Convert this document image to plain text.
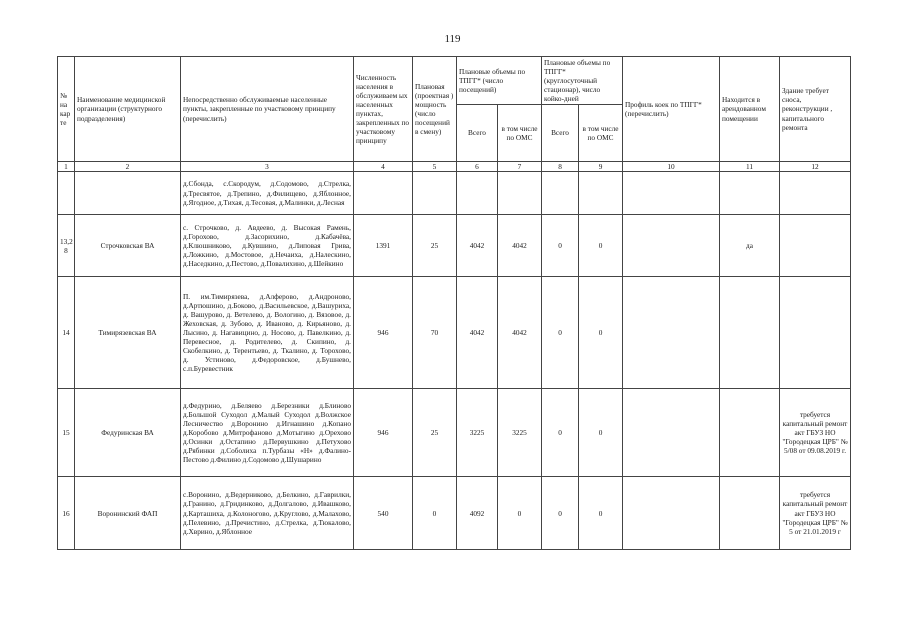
119
№ на кар те	Наименование медицинской организации (структурного подразделения)	Непосредственно обслуживаемые населенные пункты, закрепленные по участковому принципу (перечислить)	Численность населения в обслуживаем ых населенных пунктах, закрепленных по участковому принципу	Плановая (проектная ) мощность (число посещений в смену)	Плановые объемы по ТПГГ* (число посещений)		Плановые объемы по ТПГГ* (круглосуточный стационар), число койко-дней		Профиль коек по ТПГГ* (перечислить)	Находится в арендованном помещении	Здание требует сноса, реконструкции , капитального ремонта
					Всего	в том числе по ОМС	Всего	в том числе по ОМС			
1	2	3	4	5	6	7	8	9	10	11	12
		д.Сбонда, с.Скородум, д.Содомово, д.Стрелка, д.Тресвятое, д.Трепино, д.Филищево, д.Яблонное, д.Ягодное, д.Тихая, д.Тесовая, д.Малинки, д.Лесная									
13,2 8	Строчковская ВА	с. Строчково, д. Авдеево, д. Высокая Рамень, д.Горохово, д.Засорихино, д.Кабачёва, д.Клюшниково, д.Кувшино, д.Липовая Грива, д.Ложкино, д.Мостовое, д.Нечаиха, д.Налескино, д.Наседкино, д.Пестово, д.Повалихино, д.Шейкино	1391	25	4042	4042	0	0		да	
14	Тимирязевская ВА	П. им.Тимирязева, д.Алферово, д.Андроново, д.Артюшино, д.Боково, д.Васильевское, д.Вашуриха, д. Вашурово, д. Ветелево, д. Вологино, д. Вязовое, д. Жеховская, д. Зубово, д. Иваново, д. Кирьяново, д. Лысино, д. Нагавицино, д. Носово, д. Павелкино, д. Перевесное, д. Родителево, д. Скипино, д. Скобелкино, д. Терентьево, д. Ткалино, д. Торохово, д. Устиново, д.Федоровское, д.Бушнево, с.п.Буревестник	946	70	4042	4042	0	0			
15	Федуринская ВА	д.Федурино, д.Беляево д.Березники д.Блиново д.Большой Суходол д.Малый Суходол д.Волжское Лесничество д.Воронино д.Игнашино д.Копано д.Коробово д.Митрофаново д.Мотыгино д.Орехово д.Осинки д.Остапино д.Первушкино д.Петухово д.Рябинки д.Соболиха п.Турбазы «Н» д.Фалино-Пестово д.Филино д.Содомово д.Шушарино	946	25	3225	3225	0	0			требуется капитальный ремонт акт ГБУЗ НО "Городецкая ЦРБ" № 5/08 от 09.08.2019 г.
16	Воронинский ФАП	с.Воронино, д.Ведерниково, д.Белкино, д.Гаврилки, д.Гранино, д.Гридинково, д.Долгалово, д.Ивашково, д.Карташиха, д.Колоногово, д.Круглово, д.Малахово, д.Пелевино, д.Пречистино, д.Стрелка, д.Тюкалово, д.Хврино, д.Яблонное	540	0	4092	0	0	0			требуется капитальный ремонт акт ГБУЗ НО "Городецкая ЦРБ" № 5 от 21.01.2019 г
